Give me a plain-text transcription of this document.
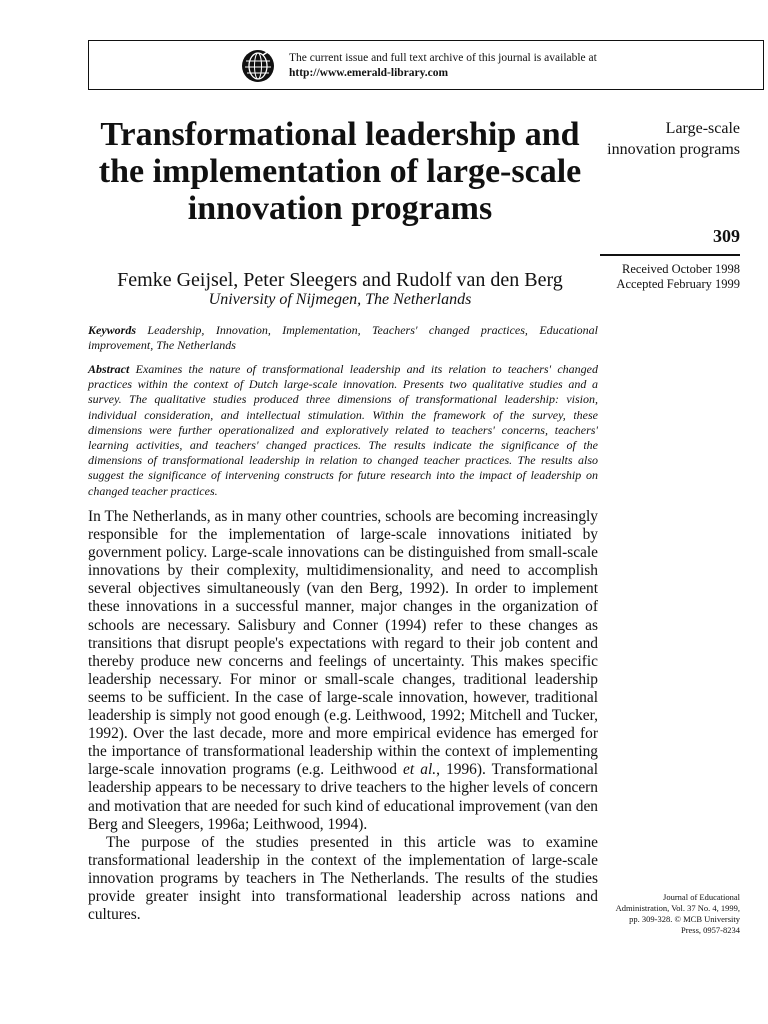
The current issue and full text archive of this journal is available at
http://www.emerald-library.com
Transformational leadership and the implementation of large-scale innovation programs
Femke Geijsel, Peter Sleegers and Rudolf van den Berg
University of Nijmegen, The Netherlands
Large-scale innovation programs
309
Received October 1998
Accepted February 1999
Keywords Leadership, Innovation, Implementation, Teachers' changed practices, Educational improvement, The Netherlands
Abstract Examines the nature of transformational leadership and its relation to teachers' changed practices within the context of Dutch large-scale innovation. Presents two qualitative studies and a survey. The qualitative studies produced three dimensions of transformational leadership: vision, individual consideration, and intellectual stimulation. Within the framework of the survey, these dimensions were further operationalized and exploratively related to teachers' concerns, teachers' learning activities, and teachers' changed practices. The results indicate the significance of the dimensions of transformational leadership in relation to changed teacher practices. The results also suggest the significance of intervening constructs for future research into the impact of leadership on changed teacher practices.

In The Netherlands, as in many other countries, schools are becoming increasingly responsible for the implementation of large-scale innovations initiated by government policy. Large-scale innovations can be distinguished from small-scale innovations by their complexity, multidimensionality, and need to accomplish several objectives simultaneously (van den Berg, 1992). In order to implement these innovations in a successful manner, major changes in the organization of schools are necessary. Salisbury and Conner (1994) refer to these changes as transitions that disrupt people's expectations with regard to their job content and thereby produce new concerns and feelings of uncertainty. This makes specific leadership necessary. For minor or small-scale changes, traditional leadership seems to be sufficient. In the case of large-scale innovation, however, traditional leadership is simply not good enough (e.g. Leithwood, 1992; Mitchell and Tucker, 1992). Over the last decade, more and more empirical evidence has emerged for the importance of transformational leadership within the context of implementing large-scale innovation programs (e.g. Leithwood et al., 1996). Transformational leadership appears to be necessary to drive teachers to the higher levels of concern and motivation that are needed for such kind of educational improvement (van den Berg and Sleegers, 1996a; Leithwood, 1994).

The purpose of the studies presented in this article was to examine transformational leadership in the context of the implementation of large-scale innovation programs by teachers in The Netherlands. The results of the studies provide greater insight into transformational leadership across nations and cultures.

Journal of Educational
Administration, Vol. 37 No. 4, 1999,
pp. 309-328. © MCB University
Press, 0957-8234
